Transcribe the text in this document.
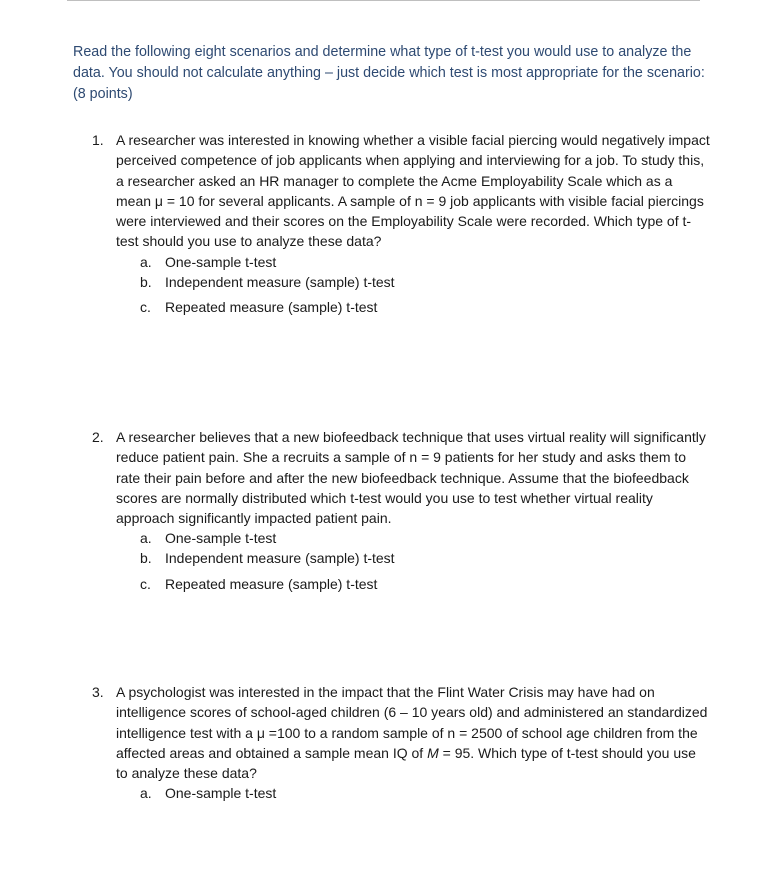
Read the following eight scenarios and determine what type of t-test you would use to analyze the data. You should not calculate anything – just decide which test is most appropriate for the scenario: (8 points)
1. A researcher was interested in knowing whether a visible facial piercing would negatively impact perceived competence of job applicants when applying and interviewing for a job. To study this, a researcher asked an HR manager to complete the Acme Employability Scale which as a mean μ = 10 for several applicants. A sample of n = 9 job applicants with visible facial piercings were interviewed and their scores on the Employability Scale were recorded. Which type of t-test should you use to analyze these data?
a. One-sample t-test
b. Independent measure (sample) t-test
c. Repeated measure (sample) t-test
2. A researcher believes that a new biofeedback technique that uses virtual reality will significantly reduce patient pain. She a recruits a sample of n = 9 patients for her study and asks them to rate their pain before and after the new biofeedback technique. Assume that the biofeedback scores are normally distributed which t-test would you use to test whether virtual reality approach significantly impacted patient pain.
a. One-sample t-test
b. Independent measure (sample) t-test
c. Repeated measure (sample) t-test
3. A psychologist was interested in the impact that the Flint Water Crisis may have had on intelligence scores of school-aged children (6 – 10 years old) and administered an standardized intelligence test with a μ =100 to a random sample of n = 2500 of school age children from the affected areas and obtained a sample mean IQ of M = 95. Which type of t-test should you use to analyze these data?
a. One-sample t-test
